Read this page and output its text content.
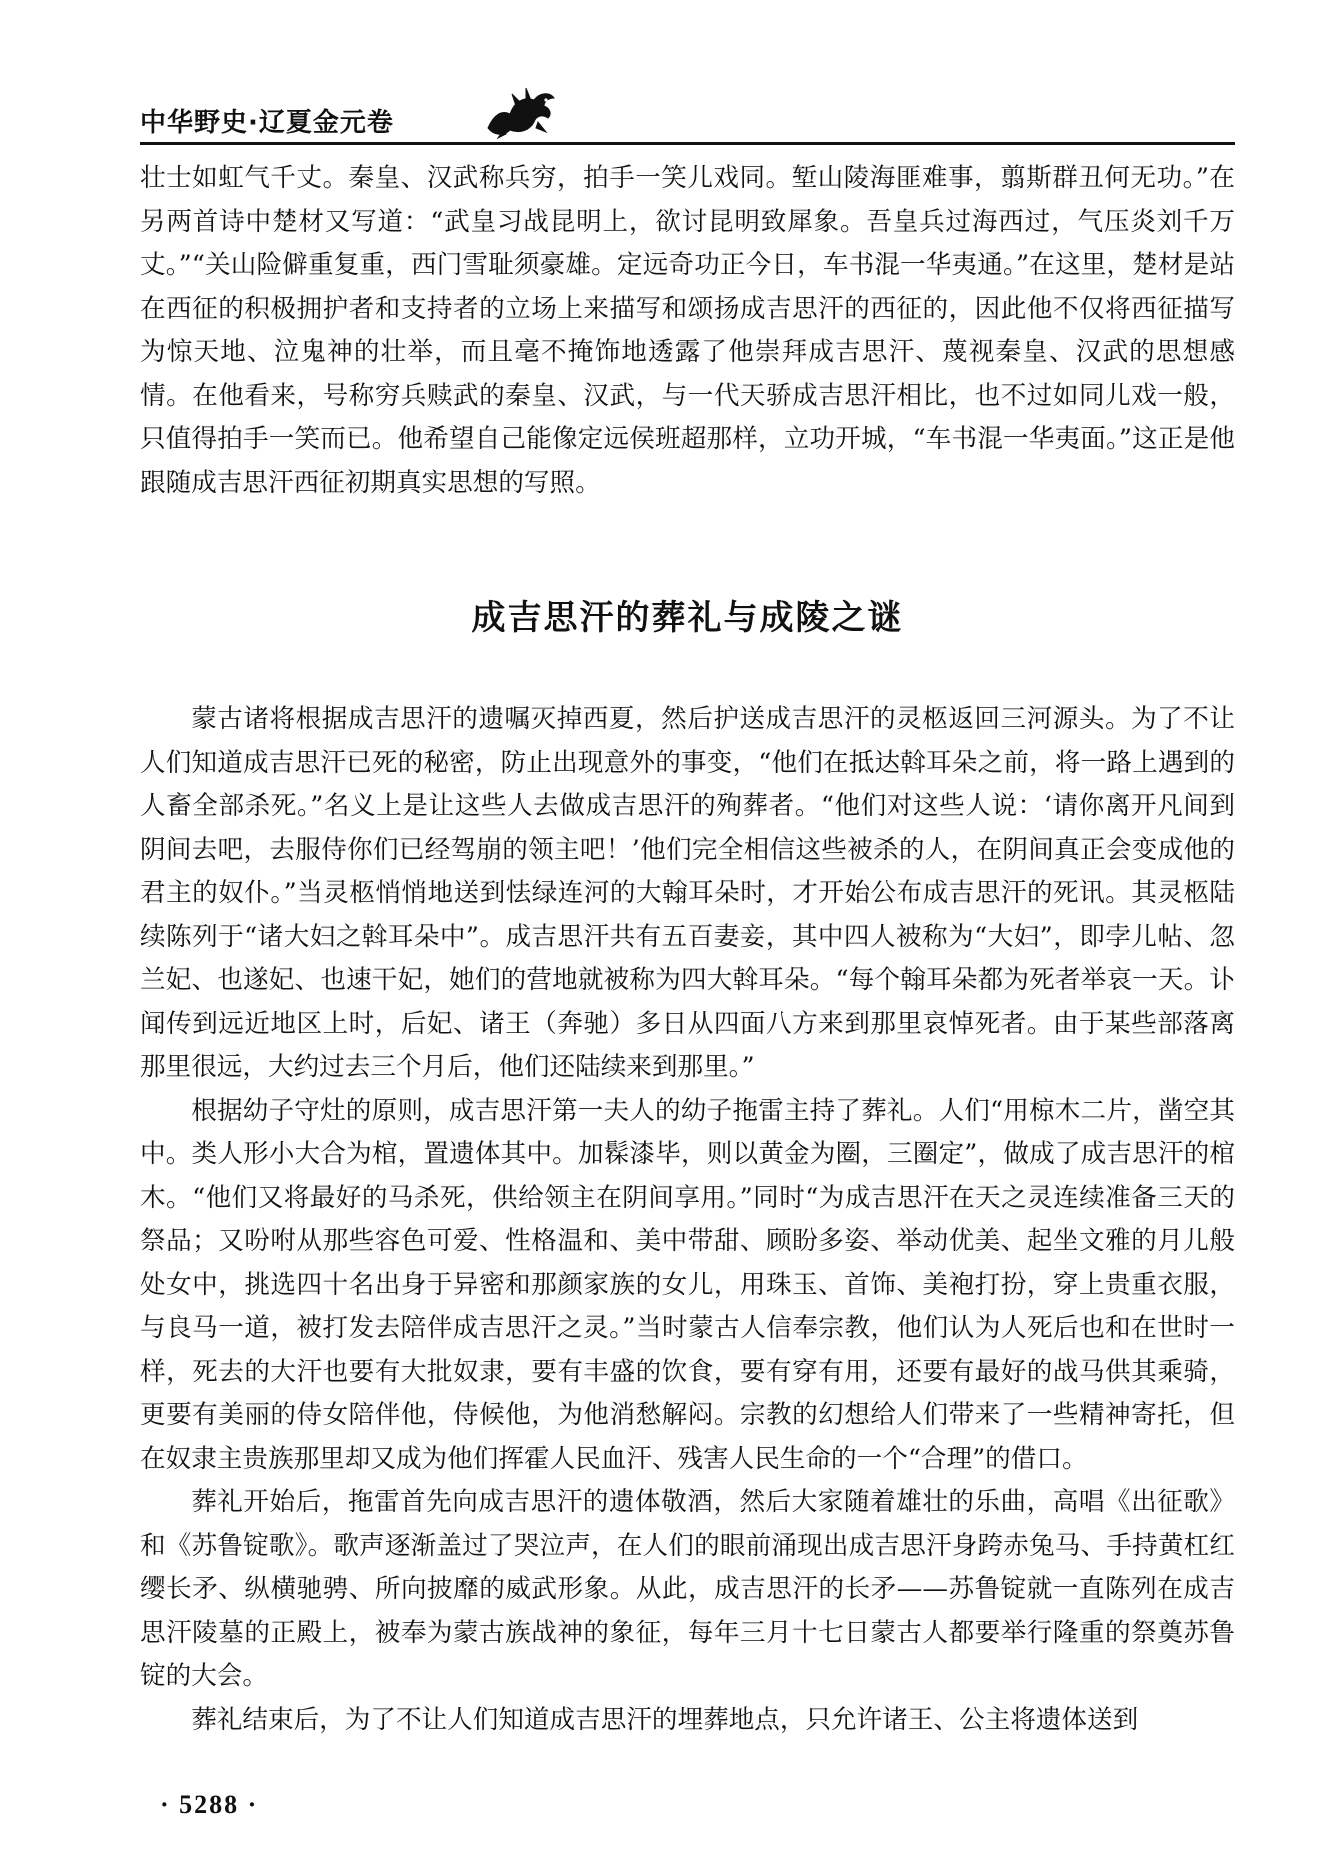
中华野史·辽夏金元卷

壮士如虹气千丈。秦皇、汉武称兵穷，拍手一笑儿戏同。堑山陵海匪难事，翦斯群丑何无功。”在另两首诗中楚材又写道：“武皇习战昆明上，欲讨昆明致犀象。吾皇兵过海西过，气压炎刘千万丈。”“关山险僻重复重，西门雪耻须豪雄。定远奇功正今日，车书混一华夷通。”在这里，楚材是站在西征的积极拥护者和支持者的立场上来描写和颂扬成吉思汗的西征的，因此他不仅将西征描写为惊天地、泣鬼神的壮举，而且毫不掩饰地透露了他崇拜成吉思汗、蔑视秦皇、汉武的思想感情。在他看来，号称穷兵赎武的秦皇、汉武，与一代天骄成吉思汗相比，也不过如同儿戏一般，只值得拍手一笑而已。他希望自己能像定远侯班超那样，立功开城，“车书混一华夷面。”这正是他跟随成吉思汗西征初期真实思想的写照。

成吉思汗的葬礼与成陵之谜

蒙古诸将根据成吉思汗的遗嘱灭掉西夏，然后护送成吉思汗的灵柩返回三河源头。为了不让人们知道成吉思汗已死的秘密，防止出现意外的事变，“他们在抵达斡耳朵之前，将一路上遇到的人畜全部杀死。”名义上是让这些人去做成吉思汗的殉葬者。“他们对这些人说：‘请你离开凡间到阴间去吧，去服侍你们已经驾崩的领主吧！’他们完全相信这些被杀的人，在阴间真正会变成他的君主的奴仆。”当灵柩悄悄地送到怯绿连河的大翰耳朵时，才开始公布成吉思汗的死讯。其灵柩陆续陈列于“诸大妇之斡耳朵中”。成吉思汗共有五百妻妾，其中四人被称为“大妇”，即孛儿帖、忽兰妃、也遂妃、也速干妃，她们的营地就被称为四大斡耳朵。“每个翰耳朵都为死者举哀一天。讣闻传到远近地区上时，后妃、诸王（奔驰）多日从四面八方来到那里哀悼死者。由于某些部落离那里很远，大约过去三个月后，他们还陆续来到那里。”

根据幼子守灶的原则，成吉思汗第一夫人的幼子拖雷主持了葬礼。人们“用椋木二片，凿空其中。类人形小大合为棺，置遗体其中。加髹漆毕，则以黄金为圈，三圈定”，做成了成吉思汗的棺木。“他们又将最好的马杀死，供给领主在阴间享用。”同时“为成吉思汗在天之灵连续准备三天的祭品；又吩咐从那些容色可爱、性格温和、美中带甜、顾盼多姿、举动优美、起坐文雅的月儿般处女中，挑选四十名出身于异密和那颜家族的女儿，用珠玉、首饰、美袍打扮，穿上贵重衣服，与良马一道，被打发去陪伴成吉思汗之灵。”当时蒙古人信奉宗教，他们认为人死后也和在世时一样，死去的大汗也要有大批奴隶，要有丰盛的饮食，要有穿有用，还要有最好的战马供其乘骑，更要有美丽的侍女陪伴他，侍候他，为他消愁解闷。宗教的幻想给人们带来了一些精神寄托，但在奴隶主贵族那里却又成为他们挥霍人民血汗、残害人民生命的一个“合理”的借口。

葬礼开始后，拖雷首先向成吉思汗的遗体敬酒，然后大家随着雄壮的乐曲，高唱《出征歌》和《苏鲁锭歌》。歌声逐渐盖过了哭泣声，在人们的眼前涌现出成吉思汗身跨赤兔马、手持黄杠红缨长矛、纵横驰骋、所向披靡的威武形象。从此，成吉思汗的长矛——苏鲁锭就一直陈列在成吉思汗陵墓的正殿上，被奉为蒙古族战神的象征，每年三月十七日蒙古人都要举行隆重的祭奠苏鲁锭的大会。

葬礼结束后，为了不让人们知道成吉思汗的埋葬地点，只允许诸王、公主将遗体送到

· 5288 ·
